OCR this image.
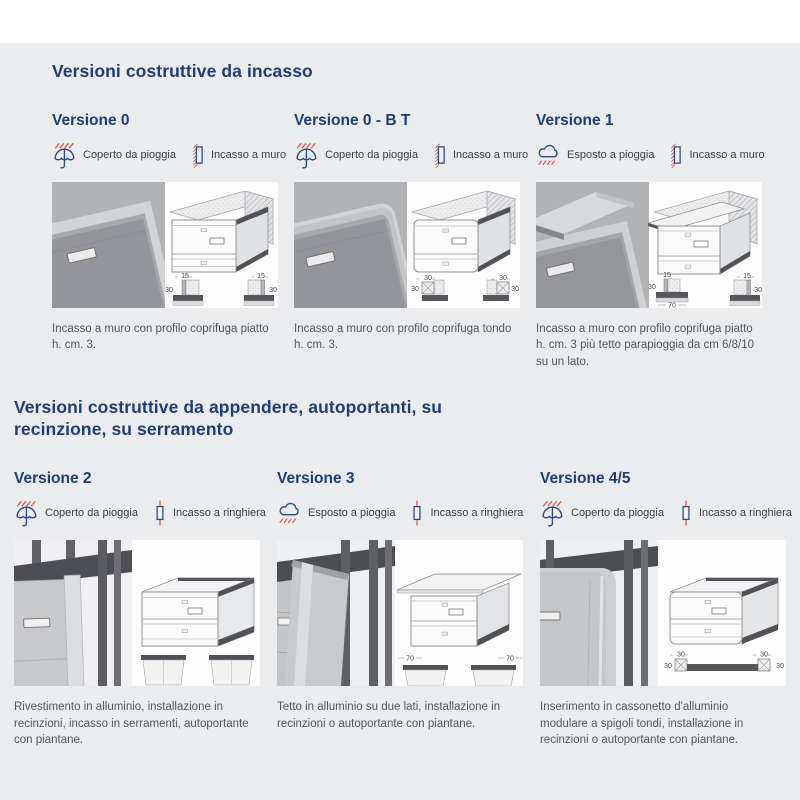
Versioni costruttive da incasso
Versione 0
Coperto da pioggia	Incasso a muro
15
30
15
30

Incasso a muro con profilo coprifuga piatto h. cm. 3.

Versione 0 - B T
Coperto da pioggia	Incasso a muro
30
30
30
30

Incasso a muro con profilo coprifuga tondo h. cm. 3.

Versione 1
Esposto a pioggia	Incasso a muro
15
30
70
15
30

Incasso a muro con profilo coprifuga piatto h. cm. 3 più tetto parapioggia da cm 6/8/10 su un lato.

Versioni costruttive da appendere, autoportanti, su recinzione, su serramento
Versione 2
Coperto da pioggia	Incasso a ringhiera

Rivestimento in alluminio, installazione in recinzioni, incasso in serramenti, autoportante con piantane.

Versione 3
Esposto a pioggia	Incasso a ringhiera
70	70

Tetto in alluminio su due lati, installazione in recinzioni o autoportante con piantane.

Versione 4/5
Coperto da pioggia	Incasso a ringhiera
30
30
30
30

Inserimento in cassonetto d'alluminio modulare a spigoli tondi, installazione in recinzioni o autoportante con piantane.
